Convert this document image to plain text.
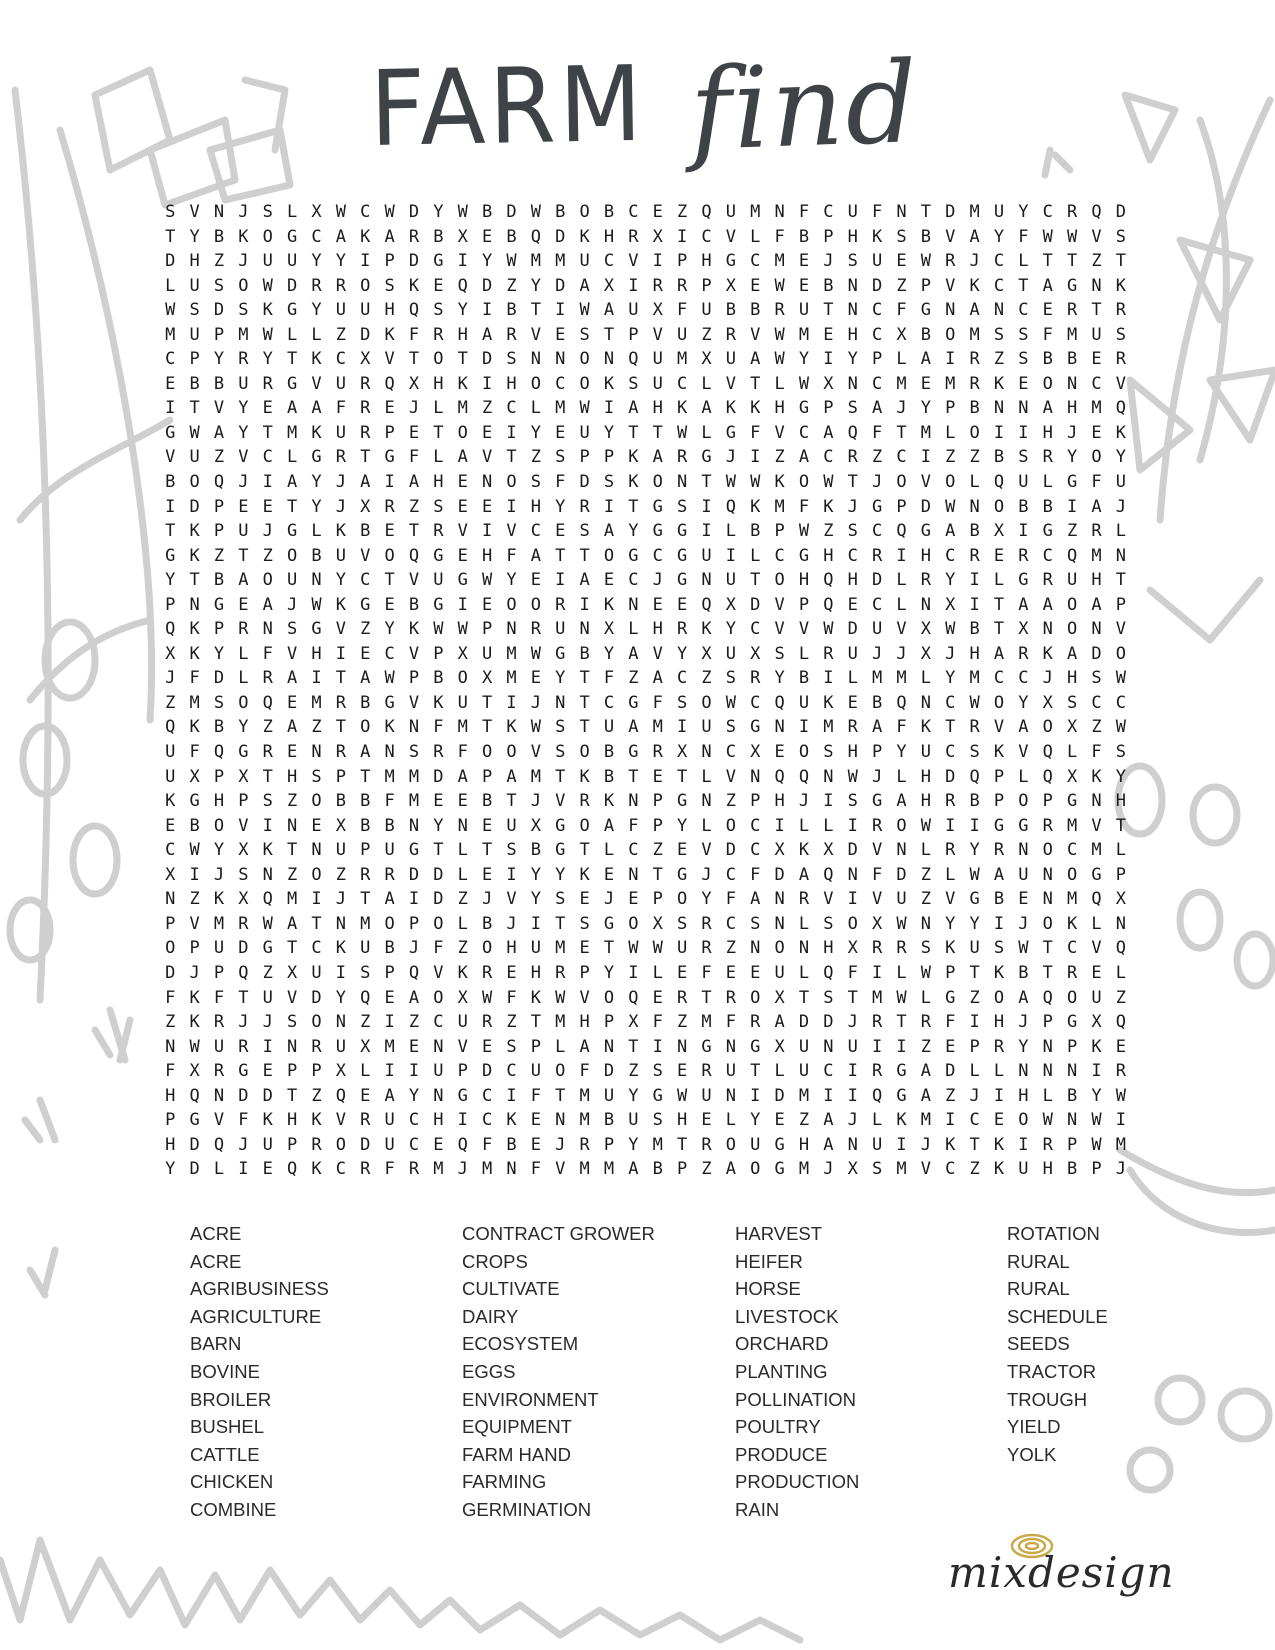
FARM find
S V N J S L X W C W D Y W B D W B O B C E Z Q U M N F C U F N T D M U Y C R Q D
T Y B K O G C A K A R B X E B Q D K H R X I C V L F B P H K S B V A Y F W W V S
D H Z J U U Y Y I P D G I Y W M M U C V I P H G C M E J S U E W R J C L T T Z T
L U S O W D R R O S K E Q D Z Y D A X I R R P X E W E B N D Z P V K C T A G N K
W S D S K G Y U U H Q S Y I B T I W A U X F U B B R U T N C F G N A N C E R T R
M U P M W L L Z D K F R H A R V E S T P V U Z R V W M E H C X B O M S S F M U S
C P Y R Y T K C X V T O T D S N N O N Q U M X U A W Y I Y P L A I R Z S B B E R
E B B U R G V U R Q X H K I H O C O K S U C L V T L W X N C M E M R K E O N C V
I T V Y E A A F R E J L M Z C L M W I A H K A K K H G P S A J Y P B N N A H M Q
G W A Y T M K U R P E T O E I Y E U Y T T W L G F V C A Q F T M L O I I H J E K
V U Z V C L G R T G F L A V T Z S P P K A R G J I Z A C R Z C I Z Z B S R Y O Y
B O Q J I A Y J A I A H E N O S F D S K O N T W W K O W T J O V O L Q U L G F U
I D P E E T Y J X R Z S E E I H Y R I T G S I Q K M F K J G P D W N O B B I A J
T K P U J G L K B E T R V I V C E S A Y G G I L B P W Z S C Q G A B X I G Z R L
G K Z T Z O B U V O Q G E H F A T T O G C G U I L C G H C R I H C R E R C Q M N
Y T B A O U N Y C T V U G W Y E I A E C J G N U T O H Q H D L R Y I L G R U H T
P N G E A J W K G E B G I E O O R I K N E E Q X D V P Q E C L N X I T A A O A P
Q K P R N S G V Z Y K W W P N R U N X L H R K Y C V V W D U V X W B T X N O N V
X K Y L F V H I E C V P X U M W G B Y A V Y X U X S L R U J J X J H A R K A D O
J F D L R A I T A W P B O X M E Y T F Z A C Z S R Y B I L M M L Y M C C J H S W
Z M S O Q E M R B G V K U T I J N T C G F S O W C Q U K E B Q N C W O Y X S C C
Q K B Y Z A Z T O K N F M T K W S T U A M I U S G N I M R A F K T R V A O X Z W
U F Q G R E N R A N S R F O O V S O B G R X N C X E O S H P Y U C S K V Q L F S
U X P X T H S P T M M D A P A M T K B T E T L V N Q Q N W J L H D Q P L Q X K Y
K G H P S Z O B B F M E E B T J V R K N P G N Z P H J I S G A H R B P O P G N H
E B O V I N E X B B N Y N E U X G O A F P Y L O C I L L I R O W I I G G R M V T
C W Y X K T N U P U G T L T S B G T L C Z E V D C X K X D V N L R Y R N O C M L
X I J S N Z O Z R R D D L E I Y Y K E N T G J C F D A Q N F D Z L W A U N O G P
N Z K X Q M I J T A I D Z J V Y S E J E P O Y F A N R V I V U Z V G B E N M Q X
P V M R W A T N M O P O L B J I T S G O X S R C S N L S O X W N Y Y I J O K L N
O P U D G T C K U B J F Z O H U M E T W W U R Z N O N H X R R S K U S W T C V Q
D J P Q Z X U I S P Q V K R E H R P Y I L E F E E U L Q F I L W P T K B T R E L
F K F T U V D Y Q E A O X W F K W V O Q E R T R O X T S T M W L G Z O A Q O U Z
Z K R J J S O N Z I Z C U R Z T M H P X F Z M F R A D D J R T R F I H J P G X Q
N W U R I N R U X M E N V E S P L A N T I N G N G X U N U I I Z E P R Y N P K E
F X R G E P P X L I I U P D C U O F D Z S E R U T L U C I R G A D L L N N N I R
H Q N D D T Z Q E A Y N G C I F T M U Y G W U N I D M I I Q G A Z J I H L B Y W
P G V F K H K V R U C H I C K E N M B U S H E L Y E Z A J L K M I C E O W N W I
H D Q J U P R O D U C E Q F B E J R P Y M T R O U G H A N U I J K T K I R P W M
Y D L I E Q K C R F R M J M N F V M M A B P Z A O G M J X S M V C Z K U H B P J
ACRE
ACRE
AGRIBUSINESS
AGRICULTURE
BARN
BOVINE
BROILER
BUSHEL
CATTLE
CHICKEN
COMBINE
CONTRACT GROWER
CROPS
CULTIVATE
DAIRY
ECOSYSTEM
EGGS
ENVIRONMENT
EQUIPMENT
FARM HAND
FARMING
GERMINATION
HARVEST
HEIFER
HORSE
LIVESTOCK
ORCHARD
PLANTING
POLLINATION
POULTRY
PRODUCE
PRODUCTION
RAIN
ROTATION
RURAL
RURAL
SCHEDULE
SEEDS
TRACTOR
TROUGH
YIELD
YOLK
mixdesign
